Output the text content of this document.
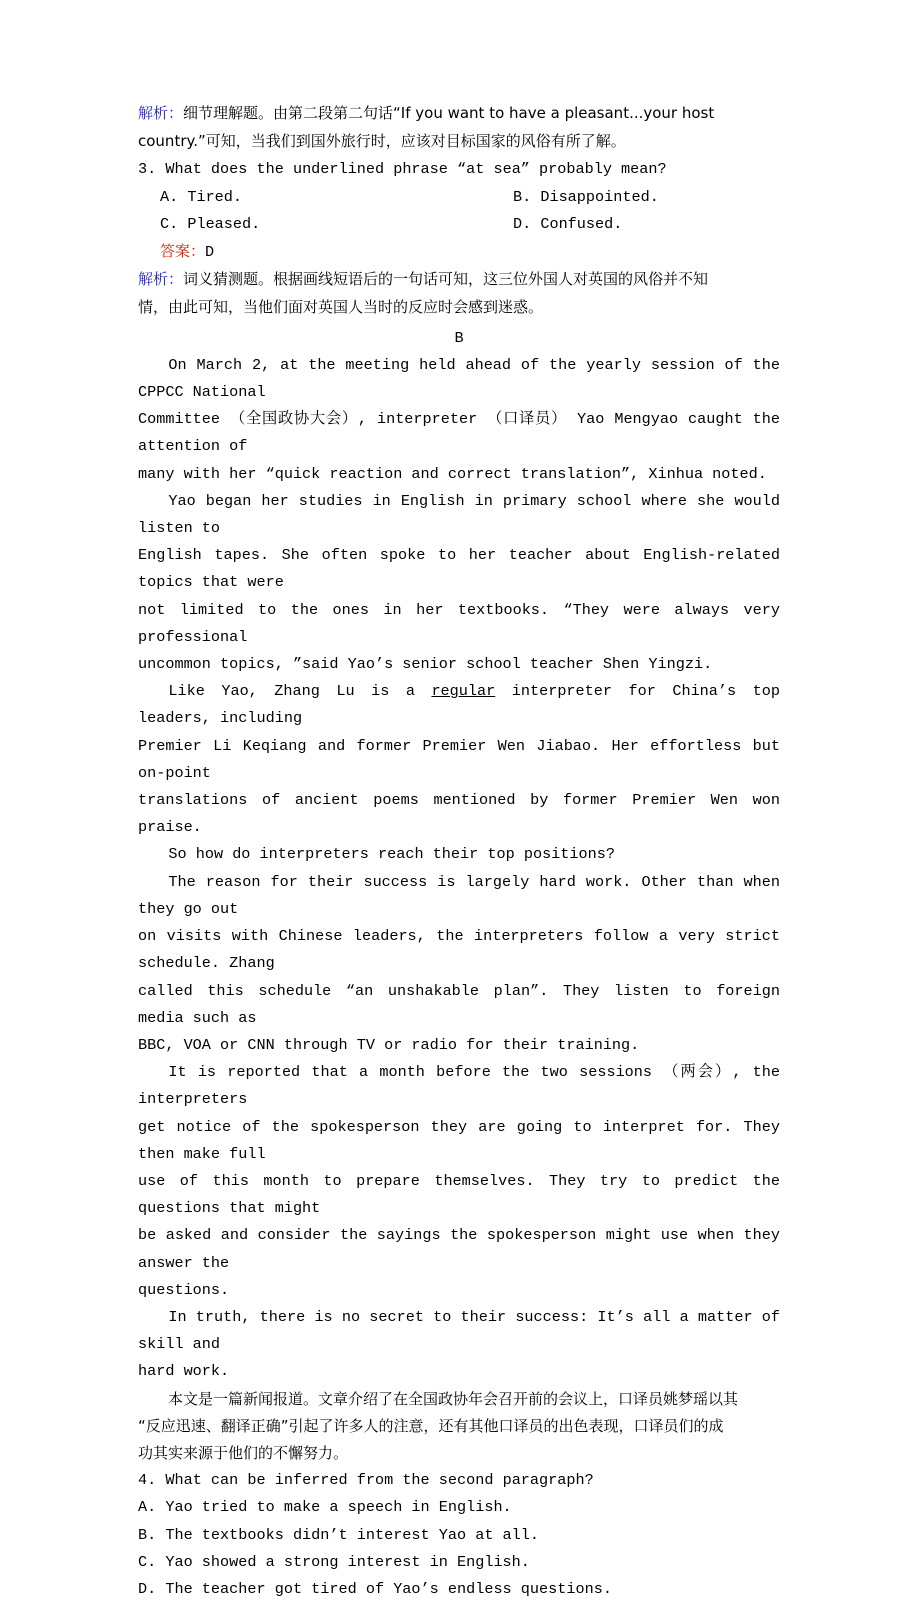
解析：细节理解题。由第二段第二句话“If you want to have a pleasant...your host

country.”可知，当我们到国外旅行时，应该对目标国家的风俗有所了解。

3. What does the underlined phrase “at sea” probably mean?

A. Tired.	B. Disappointed.
C. Pleased.	D. Confused.

答案：D

解析：词义猜测题。根据画线短语后的一句话可知，这三位外国人对英国的风俗并不知

情，由此可知，当他们面对英国人当时的反应时会感到迷惑。

B

On March 2, at the meeting held ahead of the yearly session of the CPPCC National

Committee （全国政协大会）, interpreter （口译员） Yao Mengyao caught the attention of

many with her “quick reaction and correct translation”, Xinhua noted.

Yao began her studies in English in primary school where she would listen to

English tapes. She often spoke to her teacher about English-related topics that were

not limited to the ones in her textbooks. “They were always very professional

uncommon topics, ”said Yao’s senior school teacher Shen Yingzi.

Like Yao, Zhang Lu is a regular interpreter for China’s top leaders, including

Premier Li Keqiang and former Premier Wen Jiabao. Her effortless but on-point

translations of ancient poems mentioned by former Premier Wen won praise.

So how do interpreters reach their top positions?

The reason for their success is largely hard work. Other than when they go out

on visits with Chinese leaders, the interpreters follow a very strict schedule. Zhang

called this schedule “an unshakable plan”. They listen to foreign media such as

BBC, VOA or CNN through TV or radio for their training.

It is reported that a month before the two sessions （两会）, the interpreters

get notice of the spokesperson they are going to interpret for. They then make full

use of this month to prepare themselves. They try to predict the questions that might

be asked and consider the sayings the spokesperson might use when they answer the

questions.

In truth, there is no secret to their success: It’s all a matter of skill and

hard work.

本文是一篇新闻报道。文章介绍了在全国政协年会召开前的会议上，口译员姚梦瑶以其

“反应迅速、翻译正确”引起了许多人的注意，还有其他口译员的出色表现，口译员们的成

功其实来源于他们的不懈努力。

4. What can be inferred from the second paragraph?

A. Yao tried to make a speech in English.

B. The textbooks didn’t interest Yao at all.

C. Yao showed a strong interest in English.

D. The teacher got tired of Yao’s endless questions.
